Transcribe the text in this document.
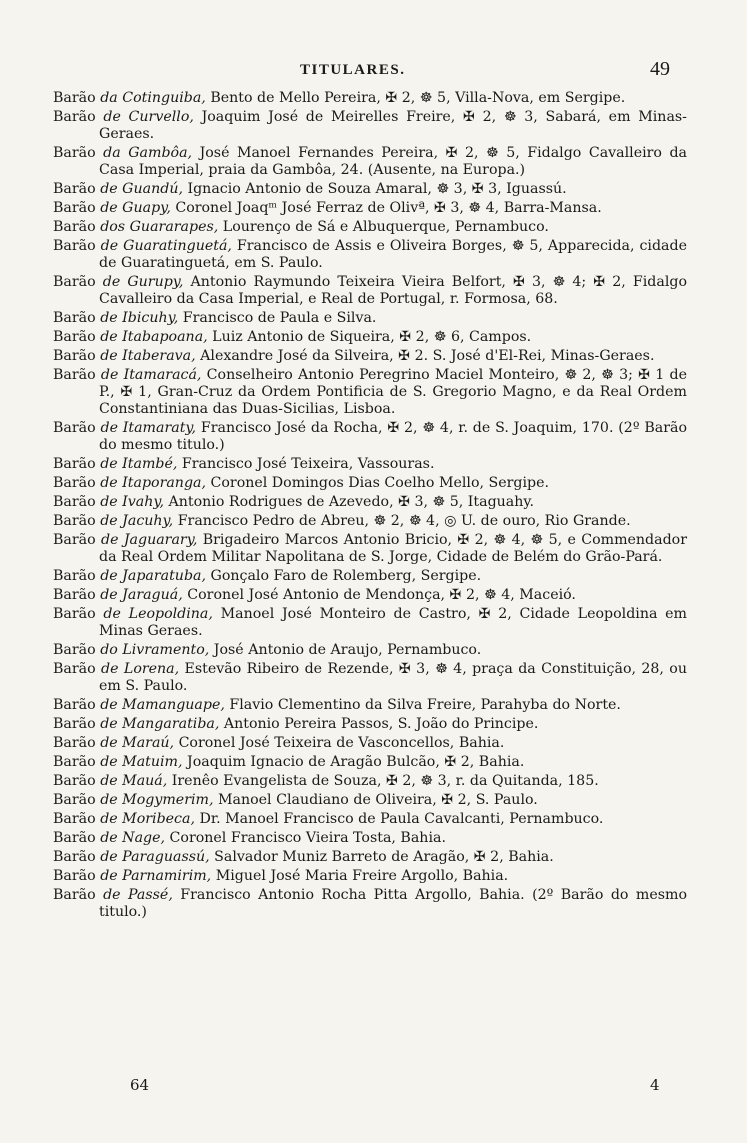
TITULARES.	49

Barão da Cotinguiba, Bento de Mello Pereira, ✠ 2, ☸ 5, Villa-Nova, em Sergipe.

Barão de Curvello, Joaquim José de Meirelles Freire, ✠ 2, ☸ 3, Sabará, em Minas-Geraes.

Barão da Gambôa, José Manoel Fernandes Pereira, ✠ 2, ☸ 5, Fidalgo Cavalleiro da Casa Imperial, praia da Gambôa, 24. (Ausente, na Europa.)

Barão de Guandú, Ignacio Antonio de Souza Amaral, ☸ 3, ✠ 3, Iguassú.

Barão de Guapy, Coronel Joaqᵐ José Ferraz de Olivª, ✠ 3, ☸ 4, Barra-Mansa.

Barão dos Guararapes, Lourenço de Sá e Albuquerque, Pernambuco.

Barão de Guaratinguetá, Francisco de Assis e Oliveira Borges, ☸ 5, Apparecida, cidade de Guaratinguetá, em S. Paulo.

Barão de Gurupy, Antonio Raymundo Teixeira Vieira Belfort, ✠ 3, ☸ 4; ✠ 2, Fidalgo Cavalleiro da Casa Imperial, e Real de Portugal, r. Formosa, 68.

Barão de Ibicuhy, Francisco de Paula e Silva.

Barão de Itabapoana, Luiz Antonio de Siqueira, ✠ 2, ☸ 6, Campos.

Barão de Itaberava, Alexandre José da Silveira, ✠ 2. S. José d'El-Rei, Minas-Geraes.

Barão de Itamaracá, Conselheiro Antonio Peregrino Maciel Monteiro, ☸ 2, ☸ 3; ✠ 1 de P., ✠ 1, Gran-Cruz da Ordem Pontificia de S. Gregorio Magno, e da Real Ordem Constantiniana das Duas-Sicilias, Lisboa.

Barão de Itamaraty, Francisco José da Rocha, ✠ 2, ☸ 4, r. de S. Joaquim, 170. (2º Barão do mesmo titulo.)

Barão de Itambé, Francisco José Teixeira, Vassouras.

Barão de Itaporanga, Coronel Domingos Dias Coelho Mello, Sergipe.

Barão de Ivahy, Antonio Rodrigues de Azevedo, ✠ 3, ☸ 5, Itaguahy.

Barão de Jacuhy, Francisco Pedro de Abreu, ☸ 2, ☸ 4, ◎ U. de ouro, Rio Grande.

Barão de Jaguarary, Brigadeiro Marcos Antonio Bricio, ✠ 2, ☸ 4, ☸ 5, e Commendador da Real Ordem Militar Napolitana de S. Jorge, Cidade de Belém do Grão-Pará.

Barão de Japaratuba, Gonçalo Faro de Rolemberg, Sergipe.

Barão de Jaraguá, Coronel José Antonio de Mendonça, ✠ 2, ☸ 4, Maceió.

Barão de Leopoldina, Manoel José Monteiro de Castro, ✠ 2, Cidade Leopoldina em Minas Geraes.

Barão do Livramento, José Antonio de Araujo, Pernambuco.

Barão de Lorena, Estevão Ribeiro de Rezende, ✠ 3, ☸ 4, praça da Constituição, 28, ou em S. Paulo.

Barão de Mamanguape, Flavio Clementino da Silva Freire, Parahyba do Norte.

Barão de Mangaratiba, Antonio Pereira Passos, S. João do Principe.

Barão de Maraú, Coronel José Teixeira de Vasconcellos, Bahia.

Barão de Matuim, Joaquim Ignacio de Aragão Bulcão, ✠ 2, Bahia.

Barão de Mauá, Irenêo Evangelista de Souza, ✠ 2, ☸ 3, r. da Quitanda, 185.

Barão de Mogymerim, Manoel Claudiano de Oliveira, ✠ 2, S. Paulo.

Barão de Moribeca, Dr. Manoel Francisco de Paula Cavalcanti, Pernambuco.

Barão de Nage, Coronel Francisco Vieira Tosta, Bahia.

Barão de Paraguassú, Salvador Muniz Barreto de Aragão, ✠ 2, Bahia.

Barão de Parnamirim, Miguel José Maria Freire Argollo, Bahia.

Barão de Passé, Francisco Antonio Rocha Pitta Argollo, Bahia. (2º Barão do mesmo titulo.)

64	4
